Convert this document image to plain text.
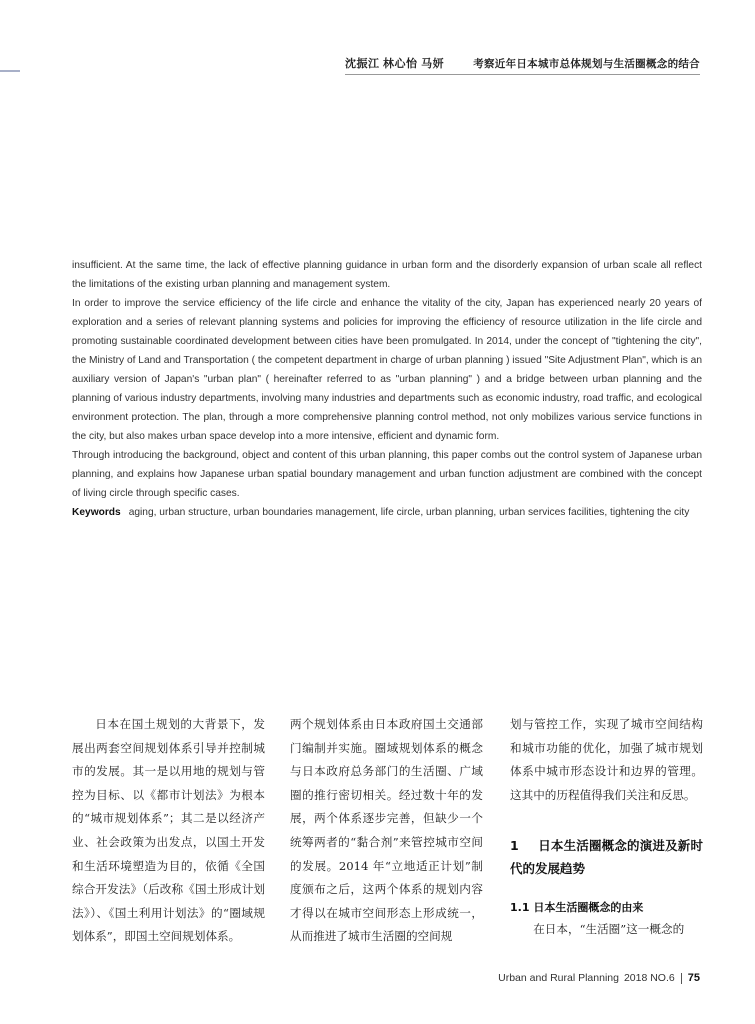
沈振江 林心怡 马妍	考察近年日本城市总体规划与生活圈概念的结合

insufficient. At the same time, the lack of effective planning guidance in urban form and the disorderly expansion of urban scale all reflect the limitations of the existing urban planning and management system.

In order to improve the service efficiency of the life circle and enhance the vitality of the city, Japan has experienced nearly 20 years of exploration and a series of relevant planning systems and policies for improving the efficiency of resource utilization in the life circle and promoting sustainable coordinated development between cities have been promulgated. In 2014, under the concept of "tightening the city", the Ministry of Land and Transportation ( the competent department in charge of urban planning ) issued "Site Adjustment Plan", which is an auxiliary version of Japan's "urban plan" ( hereinafter referred to as "urban planning" ) and a bridge between urban planning and the planning of various industry departments, involving many industries and departments such as economic industry, road traffic, and ecological environment protection. The plan, through a more comprehensive planning control method, not only mobilizes various service functions in the city, but also makes urban space develop into a more intensive, efficient and dynamic form.

Through introducing the background, object and content of this urban planning, this paper combs out the control system of Japanese urban planning, and explains how Japanese urban spatial boundary management and urban function adjustment are combined with the concept of living circle through specific cases.

Keywords aging, urban structure, urban boundaries management, life circle, urban planning, urban services facilities, tightening the city

日本在国土规划的大背景下，发展出两套空间规划体系引导并控制城市的发展。其一是以用地的规划与管控为目标、以《都市计划法》为根本的“城市规划体系”；其二是以经济产业、社会政策为出发点，以国土开发和生活环境塑造为目的，依循《全国综合开发法》（后改称《国土形成计划法》）、《国土利用计划法》的“圈域规划体系”，即国土空间规划体系。

两个规划体系由日本政府国土交通部门编制并实施。圈域规划体系的概念与日本政府总务部门的生活圈、广域圈的推行密切相关。经过数十年的发展，两个体系逐步完善，但缺少一个统筹两者的“黏合剂”来管控城市空间的发展。2014 年“立地适正计划”制度颁布之后，这两个体系的规划内容才得以在城市空间形态上形成统一，从而推进了城市生活圈的空间规

划与管控工作，实现了城市空间结构和城市功能的优化，加强了城市规划体系中城市形态设计和边界的管理。这其中的历程值得我们关注和反思。

1 日本生活圈概念的演进及新时代的发展趋势
1.1 日本生活圈概念的由来

在日本，“生活圈”这一概念的

Urban and Rural Planning 2018 NO.6 75
